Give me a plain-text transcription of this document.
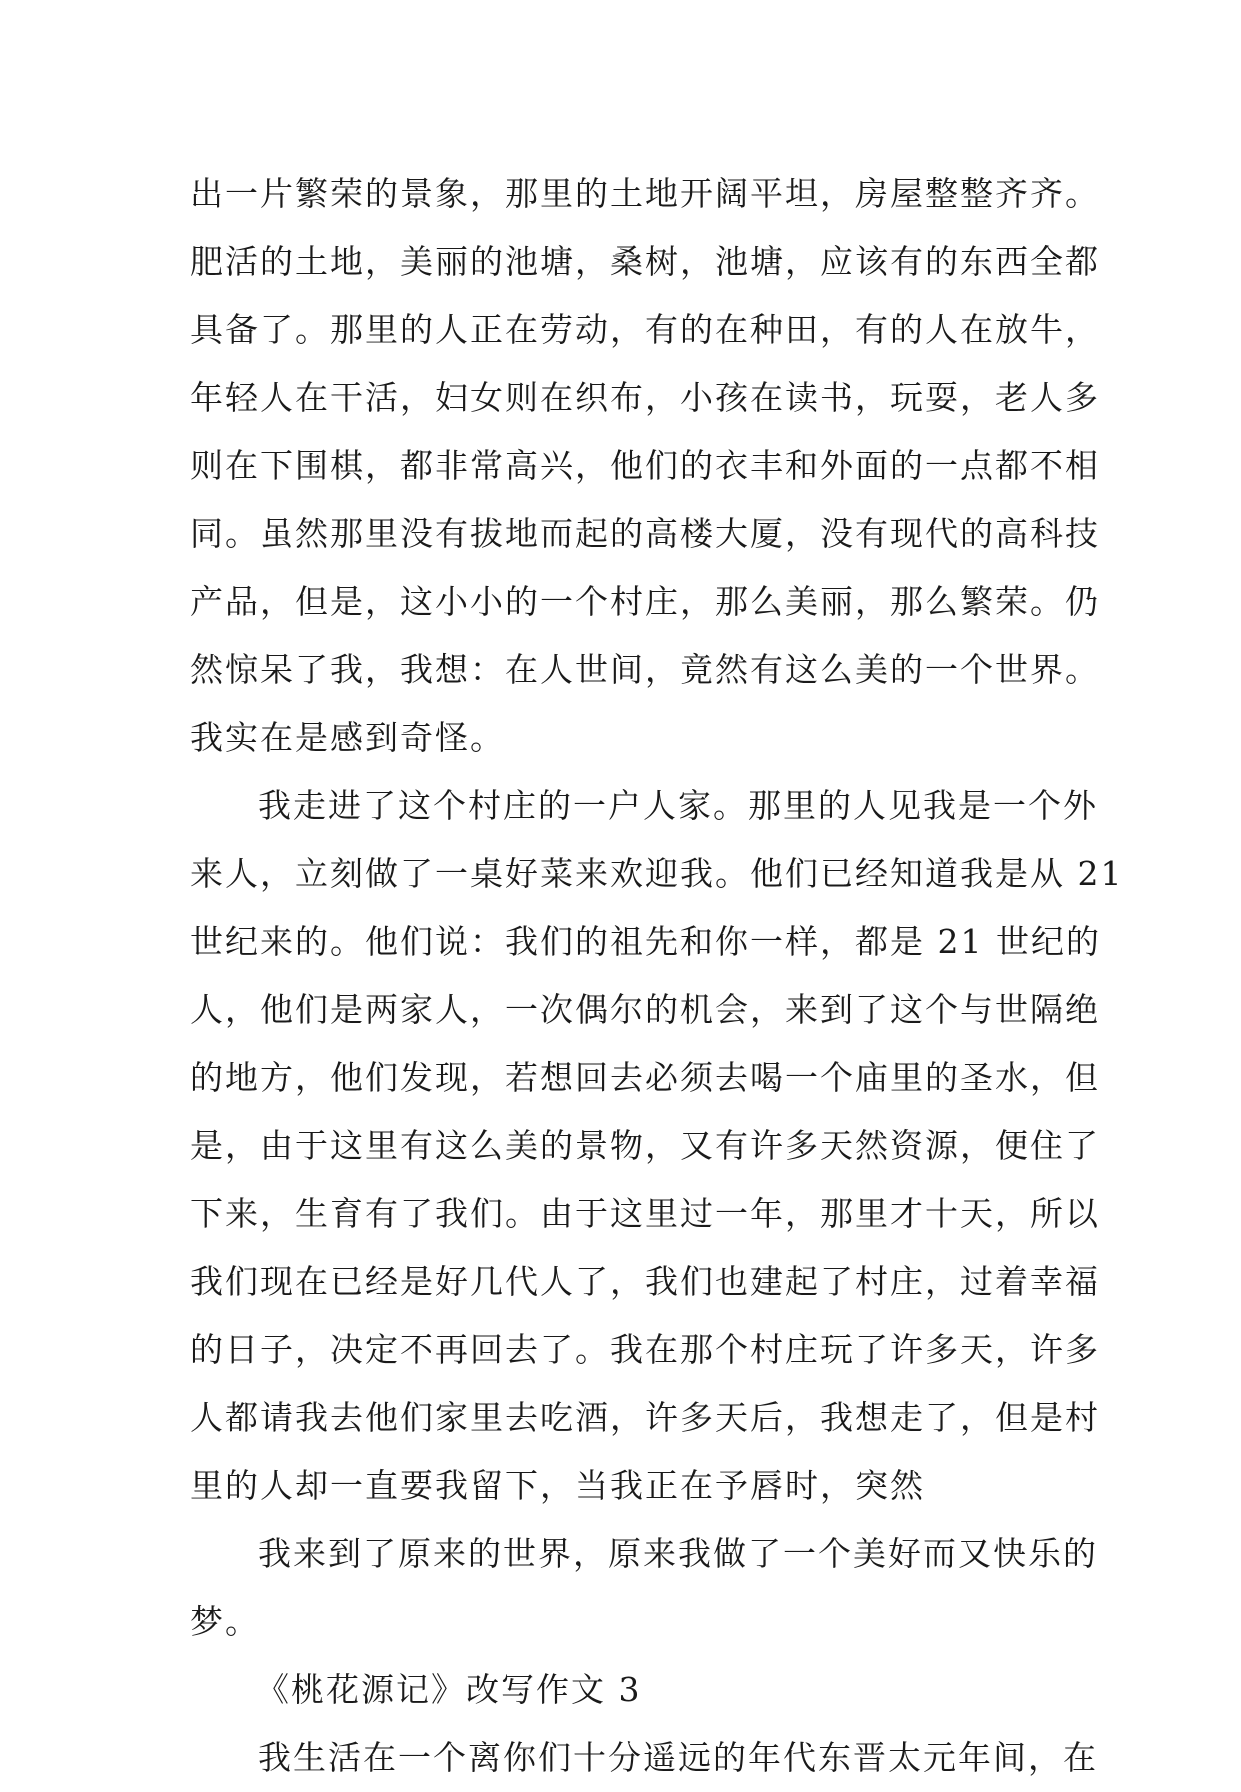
出一片繁荣的景象，那里的土地开阔平坦，房屋整整齐齐。
肥活的土地，美丽的池塘，桑树，池塘，应该有的东西全都
具备了。那里的人正在劳动，有的在种田，有的人在放牛，
年轻人在干活，妇女则在织布，小孩在读书，玩耍，老人多
则在下围棋，都非常高兴，他们的衣丰和外面的一点都不相
同。虽然那里没有拔地而起的高楼大厦，没有现代的高科技
产品，但是，这小小的一个村庄，那么美丽，那么繁荣。仍
然惊呆了我，我想：在人世间，竟然有这么美的一个世界。
我实在是感到奇怪。
我走进了这个村庄的一户人家。那里的人见我是一个外
来人，立刻做了一桌好菜来欢迎我。他们已经知道我是从 21
世纪来的。他们说：我们的祖先和你一样，都是 21 世纪的
人，他们是两家人，一次偶尔的机会，来到了这个与世隔绝
的地方，他们发现，若想回去必须去喝一个庙里的圣水，但
是，由于这里有这么美的景物，又有许多天然资源，便住了
下来，生育有了我们。由于这里过一年，那里才十天，所以
我们现在已经是好几代人了，我们也建起了村庄，过着幸福
的日子，决定不再回去了。我在那个村庄玩了许多天，许多
人都请我去他们家里去吃酒，许多天后，我想走了，但是村
里的人却一直要我留下，当我正在予唇时，突然
我来到了原来的世界，原来我做了一个美好而又快乐的
梦。
《桃花源记》改写作文 3
我生活在一个离你们十分遥远的年代东晋太元年间，在
